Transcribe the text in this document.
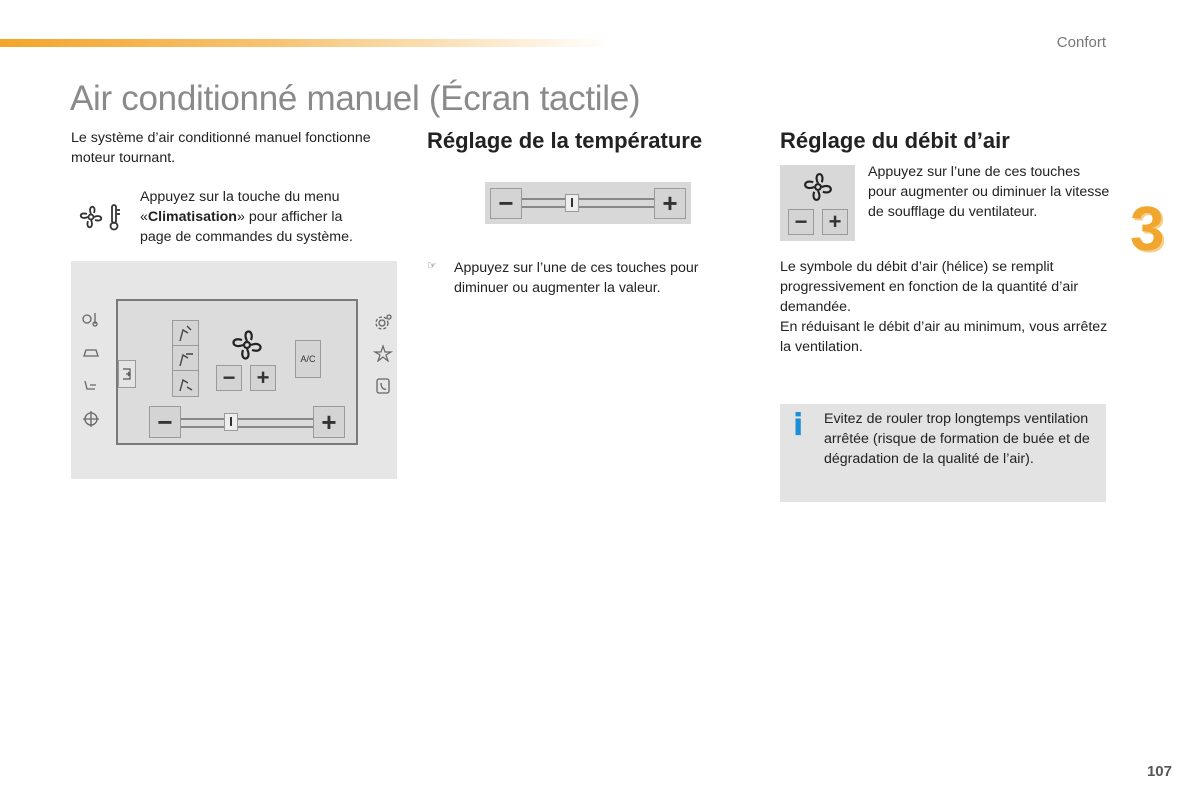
Confort
Air conditionné manuel (Écran tactile)
3
Le système d’air conditionné manuel fonctionne moteur tournant.
Appuyez sur la touche du menu
«Climatisation» pour afficher la
page de commandes du système.
− +
A/C
−	+
Réglage de la température
−	+
☞ Appuyez sur l’une de ces touches pour diminuer ou augmenter la valeur.
Réglage du débit d’air
− +
Appuyez sur l’une de ces touches pour augmenter ou diminuer la vitesse de soufflage du ventilateur.
Le symbole du débit d’air (hélice) se remplit progressivement en fonction de la quantité d’air demandée.
En réduisant le débit d’air au minimum, vous arrêtez la ventilation.
i Evitez de rouler trop longtemps ventilation arrêtée (risque de formation de buée et de dégradation de la qualité de l’air).
107
